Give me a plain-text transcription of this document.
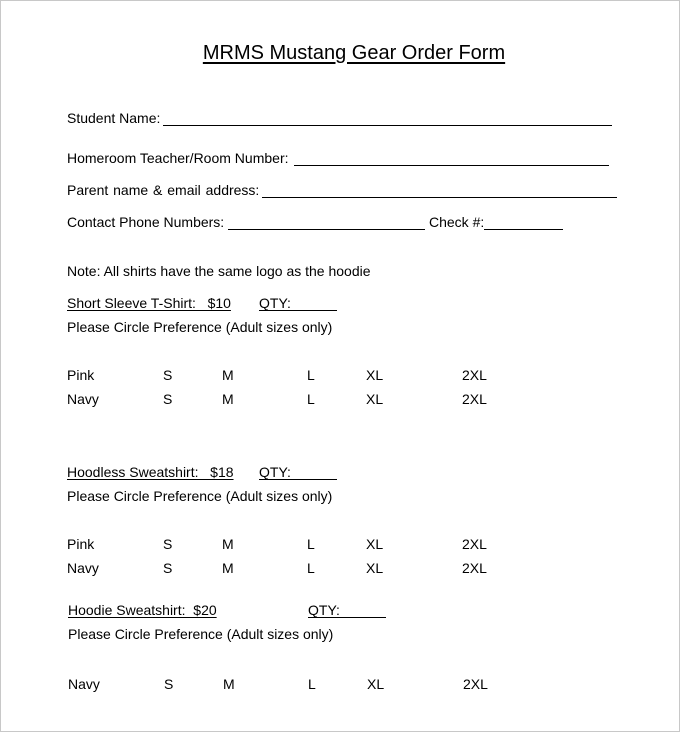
MRMS Mustang Gear Order Form
Student Name:
Homeroom Teacher/Room Number:
Parent name & email address:
Contact Phone Numbers:	Check #:
Note: All shirts have the same logo as the hoodie
Short Sleeve T-Shirt:   $10 QTY:
Please Circle Preference (Adult sizes only)
Pink	S	M	L	XL	2XL
Navy	S	M	L	XL	2XL
Hoodless Sweatshirt:   $18 QTY:
Please Circle Preference (Adult sizes only)
Pink	S	M	L	XL	2XL
Navy	S	M	L	XL	2XL
Hoodie Sweatshirt:  $20	QTY:
Please Circle Preference (Adult sizes only)
Navy	S	M	L	XL	2XL
